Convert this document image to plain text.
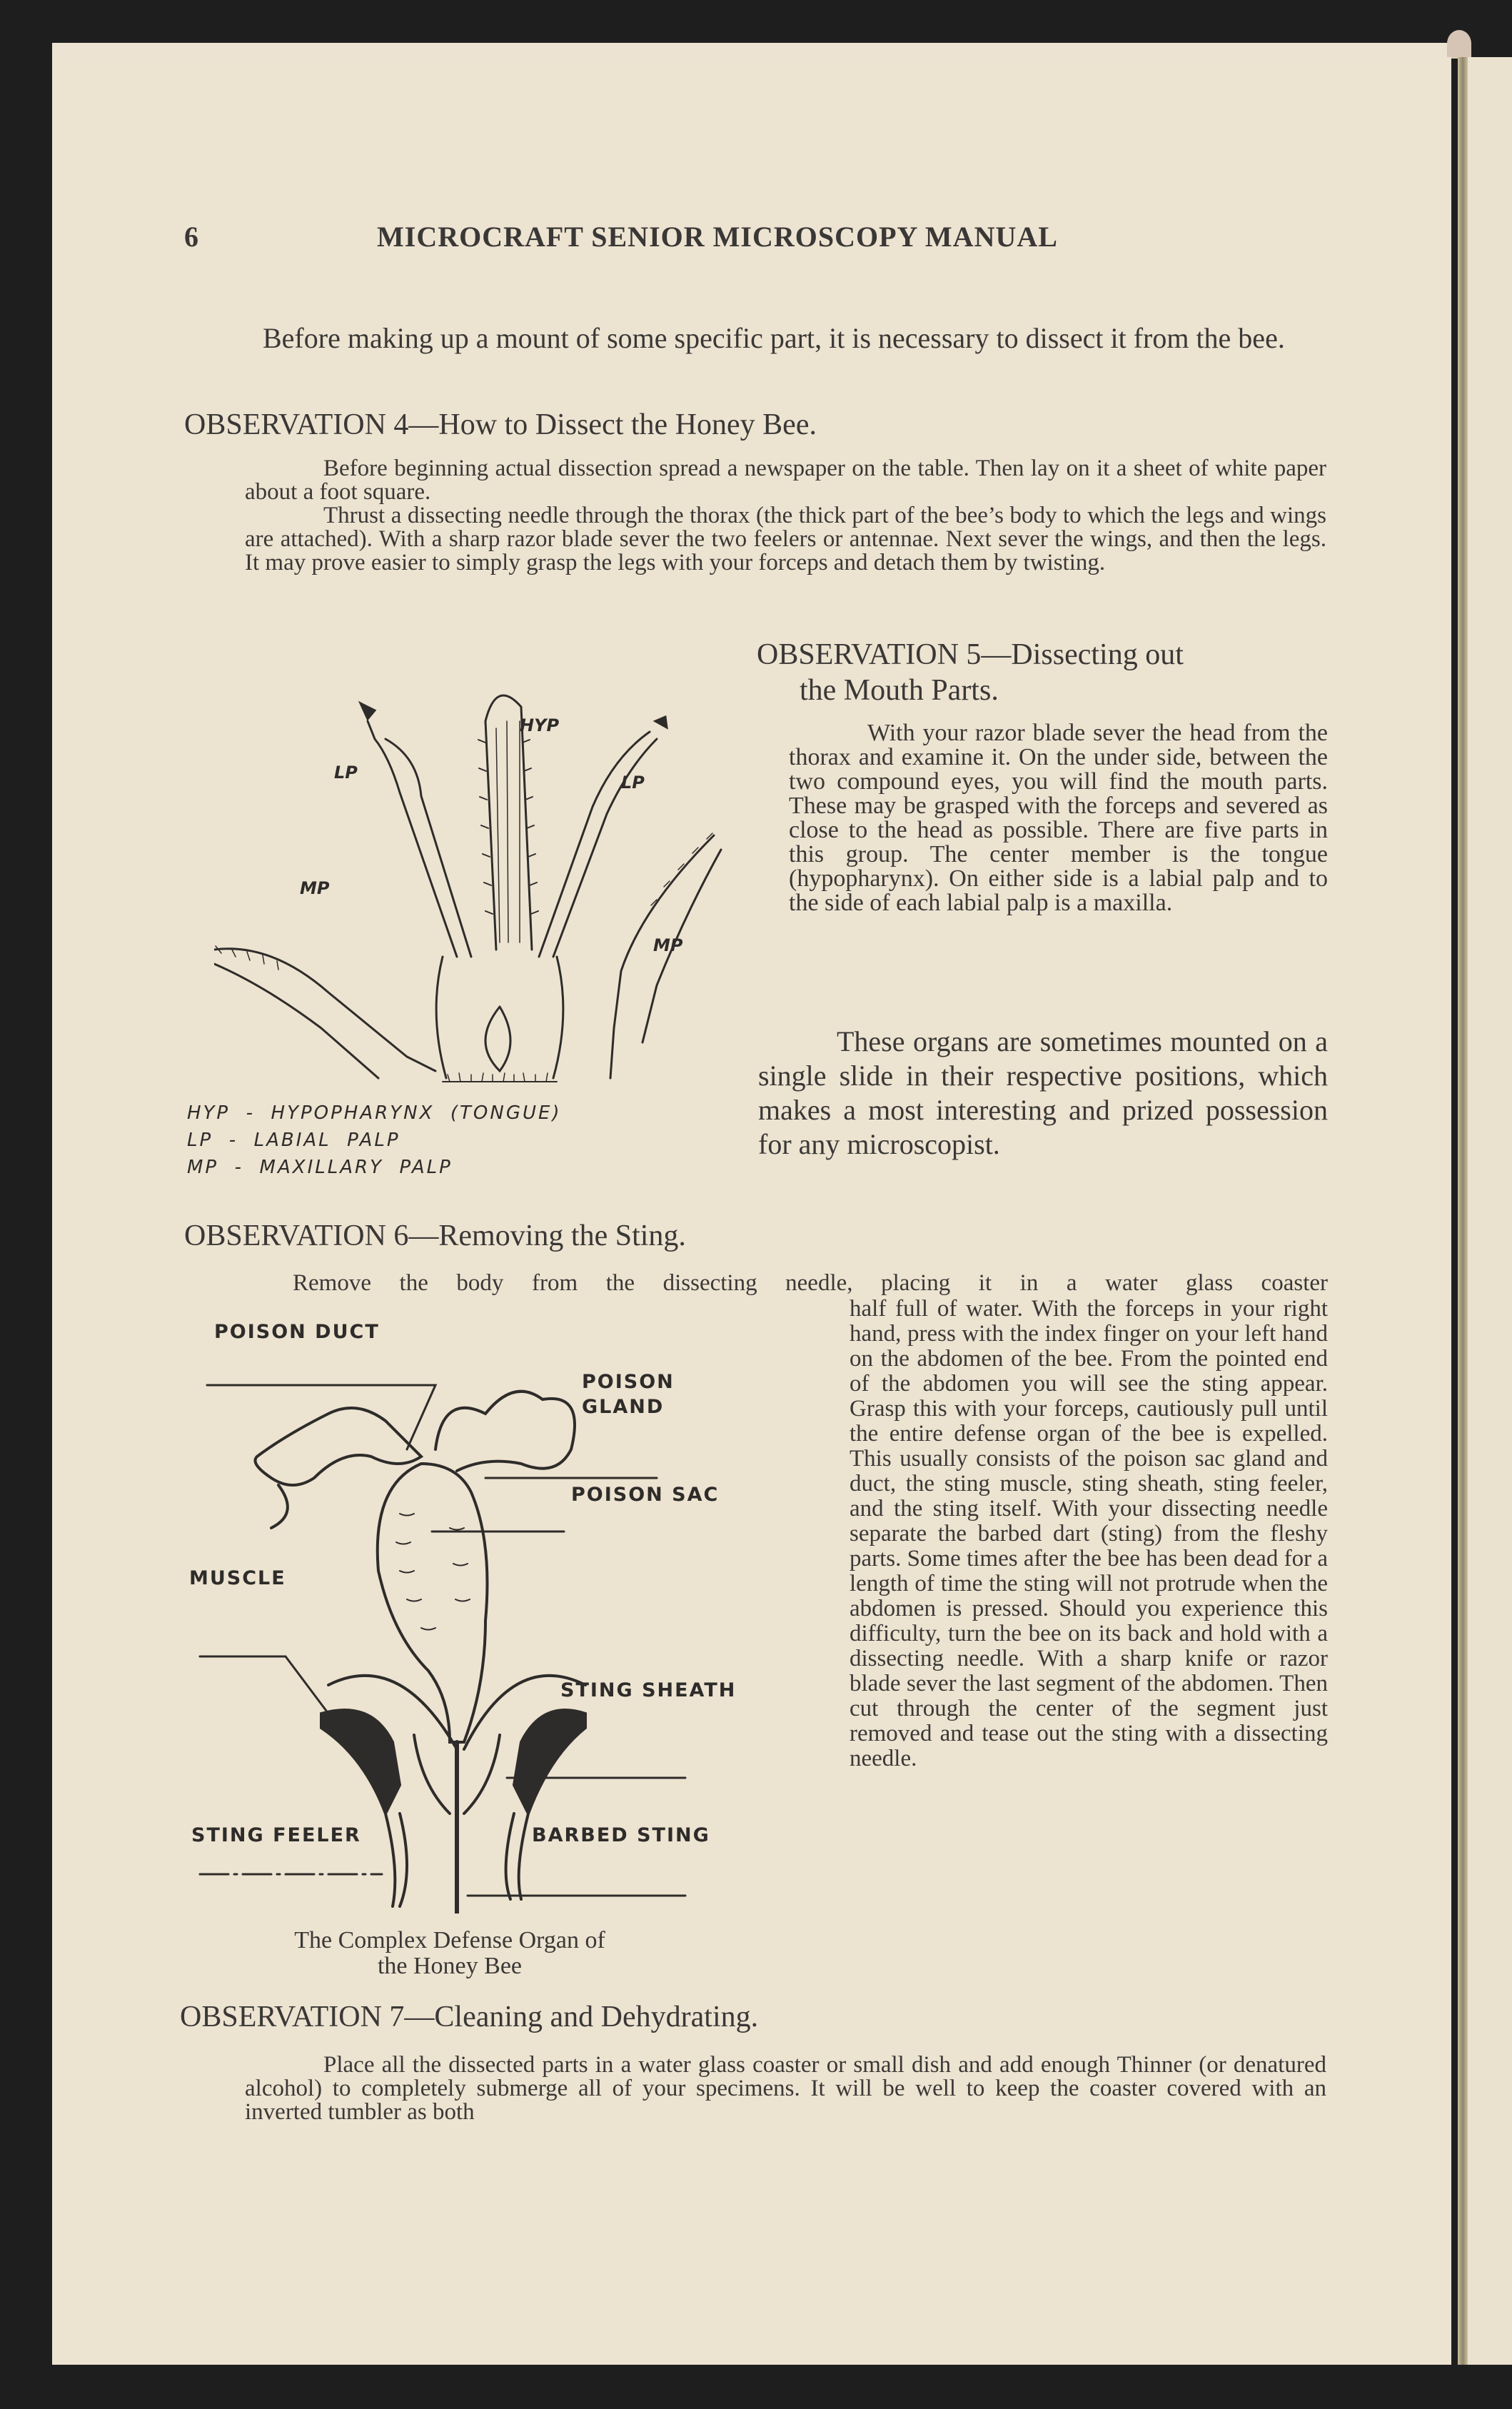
6	MICROCRAFT SENIOR MICROSCOPY MANUAL
Before making up a mount of some specific part, it is necessary to dissect it from the bee.
OBSERVATION 4—How to Dissect the Honey Bee.
Before beginning actual dissection spread a newspaper on the table. Then lay on it a sheet of white paper about a foot square.
Thrust a dissecting needle through the thorax (the thick part of the bee’s body to which the legs and wings are attached). With a sharp razor blade sever the two feelers or antennae. Next sever the wings, and then the legs. It may prove easier to simply grasp the legs with your forceps and detach them by twisting.
HYP
LP	LP
MP
MP
HYP  -  HYPOPHARYNX  (TONGUE)
LP  -  LABIAL  PALP
MP  -  MAXILLARY  PALP
OBSERVATION 5—Dissecting out
the Mouth Parts.
With your razor blade sever the head from the thorax and examine it. On the under side, between the two compound eyes, you will find the mouth parts. These may be grasped with the forceps and severed as close to the head as possible. There are five parts in this group. The center member is the tongue (hypopharynx). On either side is a labial palp and to the side of each labial palp is a maxilla.
These organs are sometimes mounted on a single slide in their respective positions, which makes a most interesting and prized possession for any microscopist.
OBSERVATION 6—Removing the Sting.
Remove the body from the dissecting needle, placing it in a water glass coaster
half full of water. With the forceps in your right hand, press with the index finger on your left hand on the abdomen of the bee. From the pointed end of the abdomen you will see the sting appear. Grasp this with your forceps, cautiously pull until the entire defense organ of the bee is expelled. This usually consists of the poison sac gland and duct, the sting muscle, sting sheath, sting feeler, and the sting itself. With your dissecting needle separate the barbed dart (sting) from the fleshy parts. Some times after the bee has been dead for a length of time the sting will not protrude when the abdomen is pressed. Should you experience this difficulty, turn the bee on its back and hold with a dissecting needle. With a sharp knife or razor blade sever the last segment of the abdomen. Then cut through the center of the segment just removed and tease out the sting with a dissecting needle.
POISON DUCT
POISON
GLAND
POISON SAC
MUSCLE
STING SHEATH
STING FEELER	BARBED STING
The Complex Defense Organ of
the Honey Bee
OBSERVATION 7—Cleaning and Dehydrating.
Place all the dissected parts in a water glass coaster or small dish and add enough Thinner (or denatured alcohol) to completely submerge all of your specimens. It will be well to keep the coaster covered with an inverted tumbler as both
